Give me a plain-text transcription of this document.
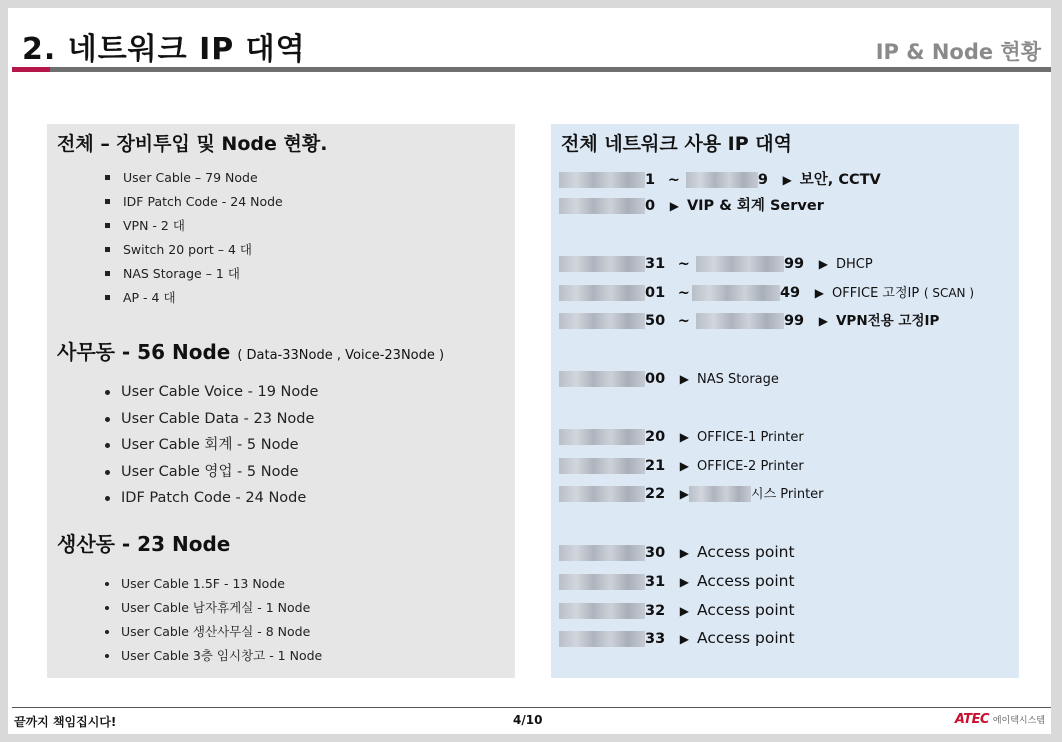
2. 네트워크 IP 대역	IP & Node 현황
전체 – 장비투입 및 Node 현황.
User Cable – 79 Node
IDF Patch Code - 24 Node
VPN - 2 대
Switch 20 port – 4 대
NAS Storage – 1 대
AP - 4 대
사무동 - 56 Node ( Data-33Node , Voice-23Node )
User Cable Voice - 19 Node
User Cable Data - 23 Node
User Cable 회계 - 5 Node
User Cable 영업 - 5 Node
IDF Patch Code - 24 Node
생산동 - 23 Node
User Cable 1.5F - 13 Node
User Cable 남자휴게실 - 1 Node
User Cable 생산사무실 - 8 Node
User Cable 3층 임시창고 - 1 Node
전체 네트워크 사용 IP 대역
1 ~	9 ▶ 보안, CCTV
0 ▶ VIP & 회계 Server
31 ~	99 ▶ DHCP
01 ~	49 ▶ OFFICE 고정IP ( SCAN )
50 ~	99 ▶ VPN전용 고정IP
00 ▶ NAS Storage
20 ▶ OFFICE-1 Printer
21 ▶ OFFICE-2 Printer
22 ▶	시스 Printer
30 ▶ Access point
31 ▶ Access point
32 ▶ Access point
33 ▶ Access point
끝까지 책임집시다!	4/10	ATEC 에이텍시스템
